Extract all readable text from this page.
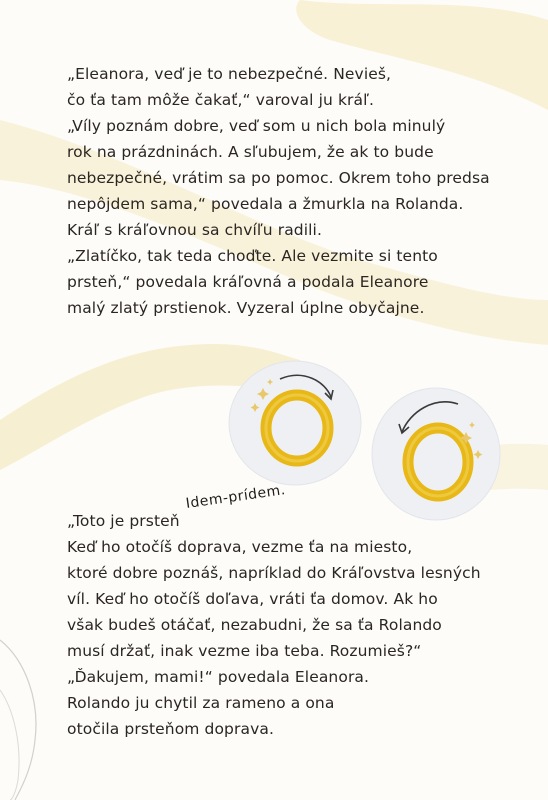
„Eleanora, veď je to nebezpečné. Nevieš,

čo ťa tam môže čakať,“ varoval ju kráľ.

„Víly poznám dobre, veď som u nich bola minulý

rok na prázdninách. A sľubujem, že ak to bude

nebezpečné, vrátim sa po pomoc. Okrem toho predsa

nepôjdem sama,“ povedala a žmurkla na Rolanda.

Kráľ s kráľovnou sa chvíľu radili.

„Zlatíčko, tak teda choďte. Ale vezmite si tento

prsteň,“ povedala kráľovná a podala Eleanore

malý zlatý prstienok. Vyzeral úplne obyčajne.

Idem-prídem.

„Toto je prsteň

Keď ho otočíš doprava, vezme ťa na miesto,

ktoré dobre poznáš, napríklad do Kráľovstva lesných

víl. Keď ho otočíš doľava, vráti ťa domov. Ak ho

však budeš otáčať, nezabudni, že sa ťa Rolando

musí držať, inak vezme iba teba. Rozumieš?“

„Ďakujem, mami!“ povedala Eleanora.

Rolando ju chytil za rameno a ona

otočila prsteňom doprava.
